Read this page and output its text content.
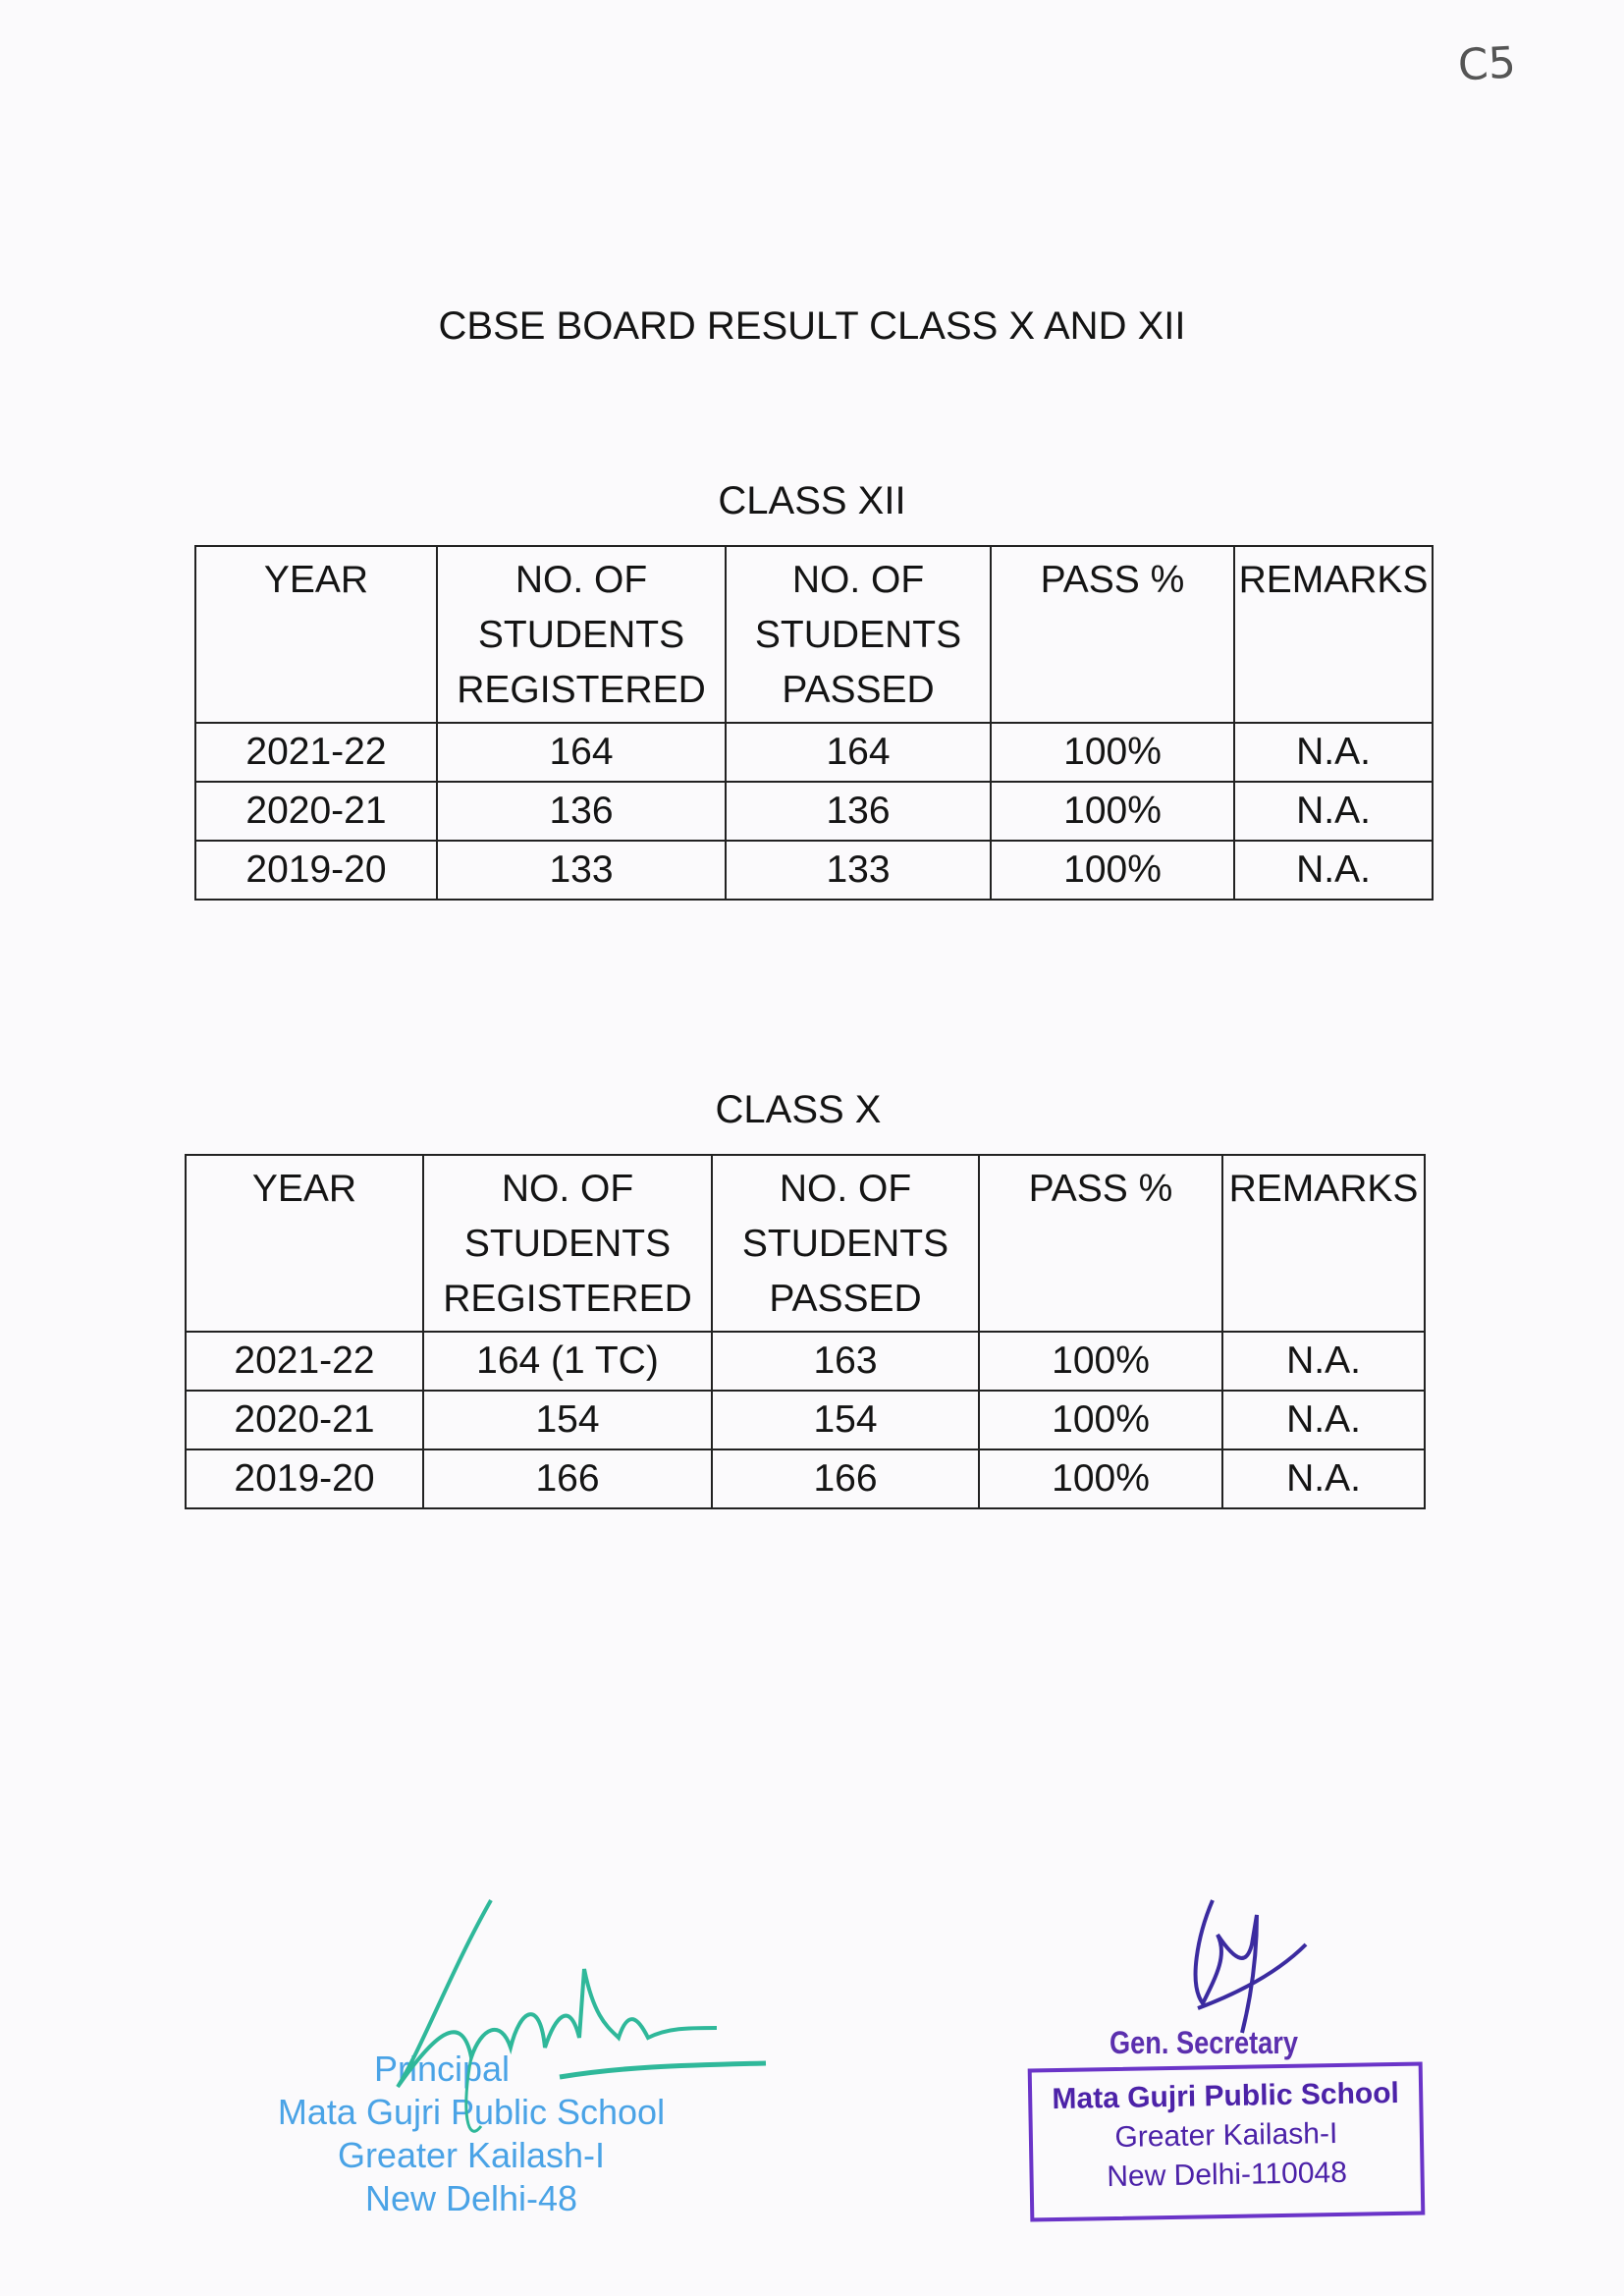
C5
CBSE BOARD RESULT CLASS X AND XII
CLASS XII
YEAR	NO. OF STUDENTS REGISTERED	NO. OF STUDENTS PASSED	PASS %	REMARKS
2021-22	164	164	100%	N.A.
2020-21	136	136	100%	N.A.
2019-20	133	133	100%	N.A.
CLASS X
YEAR	NO. OF STUDENTS REGISTERED	NO. OF STUDENTS PASSED	PASS %	REMARKS
2021-22	164 (1 TC)	163	100%	N.A.
2020-21	154	154	100%	N.A.
2019-20	166	166	100%	N.A.
Principal
Mata Gujri Public School
Greater Kailash-I
New Delhi-48
Gen. Secretary
Mata Gujri Public School
Greater Kailash-I
New Delhi-110048
